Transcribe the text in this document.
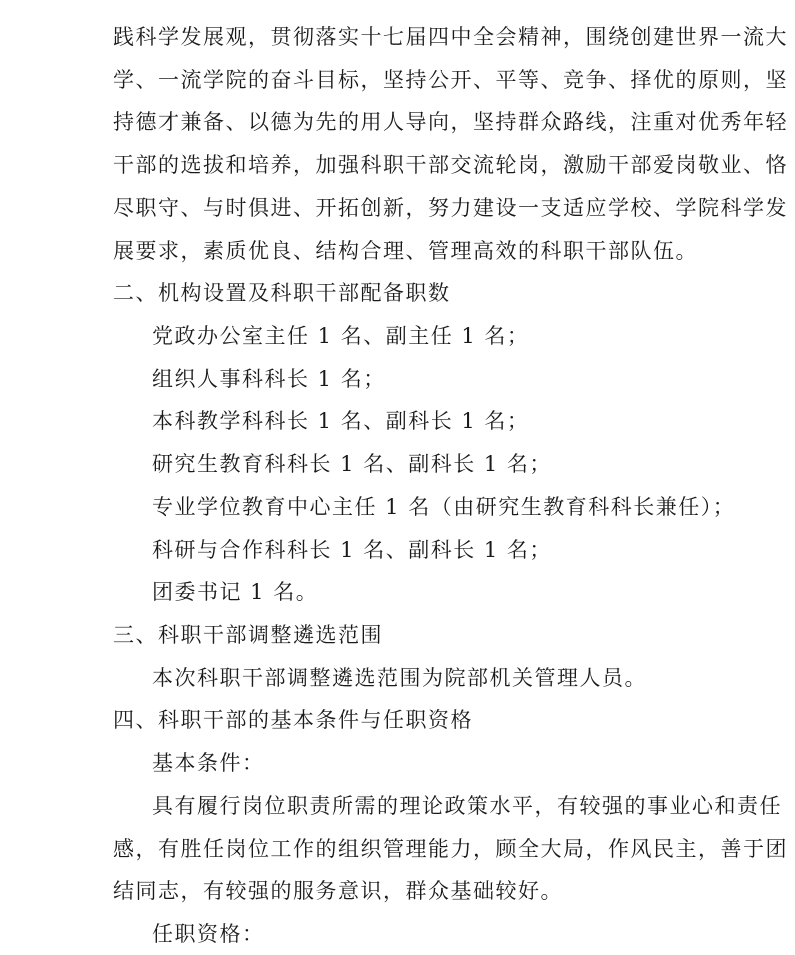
践科学发展观，贯彻落实十七届四中全会精神，围绕创建世界一流大
学、一流学院的奋斗目标，坚持公开、平等、竞争、择优的原则，坚
持德才兼备、以德为先的用人导向，坚持群众路线，注重对优秀年轻
干部的选拔和培养，加强科职干部交流轮岗，激励干部爱岗敬业、恪
尽职守、与时俱进、开拓创新，努力建设一支适应学校、学院科学发
展要求，素质优良、结构合理、管理高效的科职干部队伍。
二、机构设置及科职干部配备职数
党政办公室主任 1 名、副主任 1 名；
组织人事科科长 1 名；
本科教学科科长 1 名、副科长 1 名；
研究生教育科科长 1 名、副科长 1 名；
专业学位教育中心主任 1 名（由研究生教育科科长兼任）；
科研与合作科科长 1 名、副科长 1 名；
团委书记 1 名。
三、科职干部调整遴选范围
本次科职干部调整遴选范围为院部机关管理人员。
四、科职干部的基本条件与任职资格
基本条件：
具有履行岗位职责所需的理论政策水平，有较强的事业心和责任
感，有胜任岗位工作的组织管理能力，顾全大局，作风民主，善于团
结同志，有较强的服务意识，群众基础较好。
任职资格：
